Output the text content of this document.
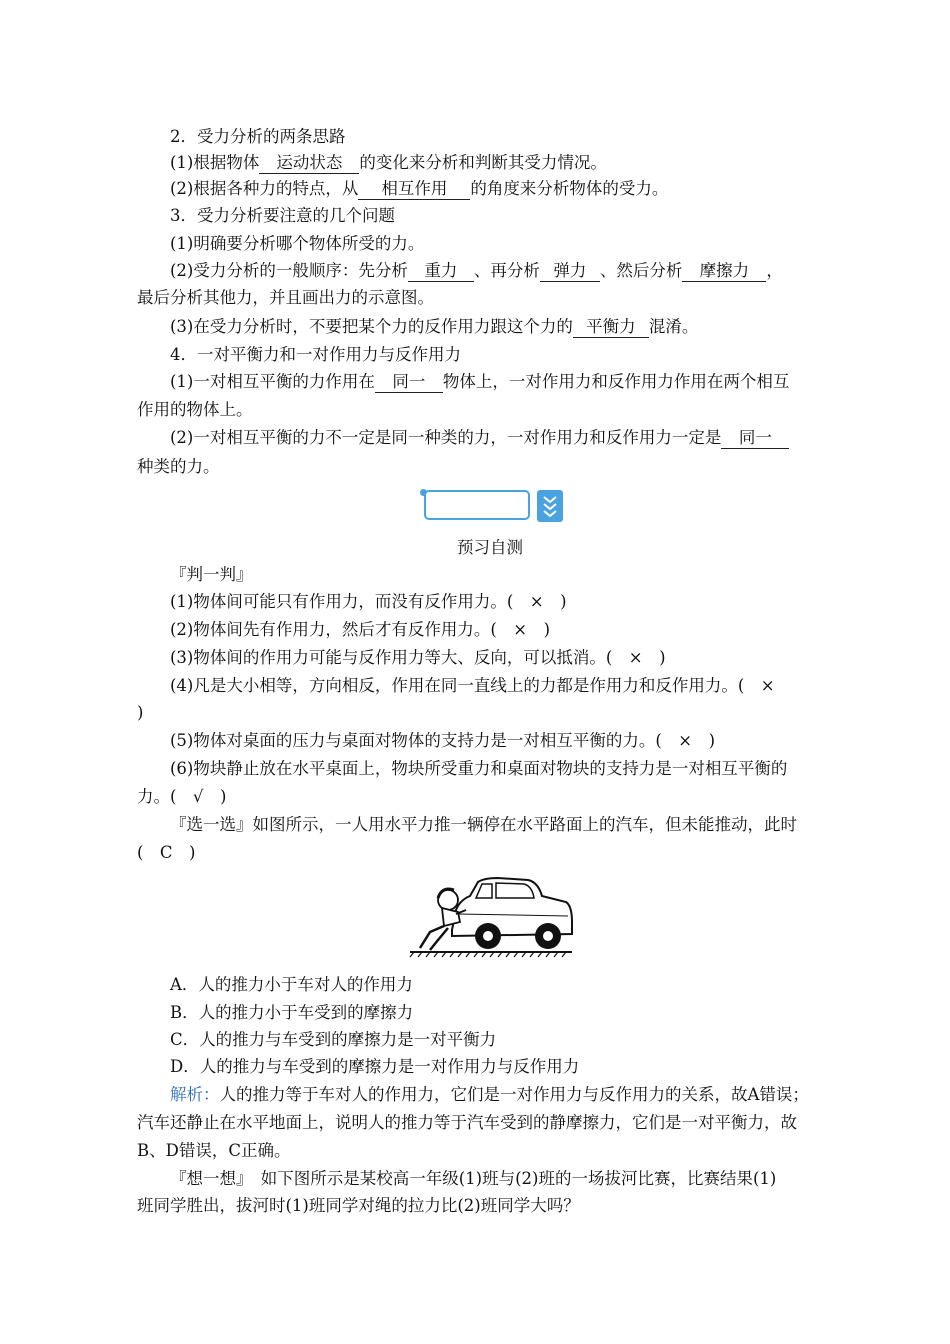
2．受力分析的两条思路
(1)根据物体 运动状态 的变化来分析和判断其受力情况。
(2)根据各种力的特点，从 相互作用 的角度来分析物体的受力。
3．受力分析要注意的几个问题
(1)明确要分析哪个物体所受的力。
(2)受力分析的一般顺序：先分析 重力 、再分析 弹力 、然后分析 摩擦力 ，
最后分析其他力，并且画出力的示意图。
(3)在受力分析时，不要把某个力的反作用力跟这个力的 平衡力 混淆。
4．一对平衡力和一对作用力与反作用力
(1)一对相互平衡的力作用在 同一 物体上，一对作用力和反作用力作用在两个相互
作用的物体上。
(2)一对相互平衡的力不一定是同一种类的力，一对作用力和反作用力一定是 同一
种类的力。
预习自测
『判一判』
(1)物体间可能只有作用力，而没有反作用力。(　×　)
(2)物体间先有作用力，然后才有反作用力。(　×　)
(3)物体间的作用力可能与反作用力等大、反向，可以抵消。(　×　)
(4)凡是大小相等，方向相反，作用在同一直线上的力都是作用力和反作用力。(　×
)
(5)物体对桌面的压力与桌面对物体的支持力是一对相互平衡的力。(　×　)
(6)物块静止放在水平桌面上，物块所受重力和桌面对物块的支持力是一对相互平衡的
力。(　√　)
『选一选』如图所示，一人用水平力推一辆停在水平路面上的汽车，但未能推动，此时
(　C　)
A．人的推力小于车对人的作用力
B．人的推力小于车受到的摩擦力
C．人的推力与车受到的摩擦力是一对平衡力
D．人的推力与车受到的摩擦力是一对作用力与反作用力
解析：人的推力等于车对人的作用力，它们是一对作用力与反作用力的关系，故A错误；
汽车还静止在水平地面上，说明人的推力等于汽车受到的静摩擦力，它们是一对平衡力，故
B、D错误，C正确。
『想一想』　如下图所示是某校高一年级(1)班与(2)班的一场拔河比赛，比赛结果(1)
班同学胜出，拔河时(1)班同学对绳的拉力比(2)班同学大吗？
